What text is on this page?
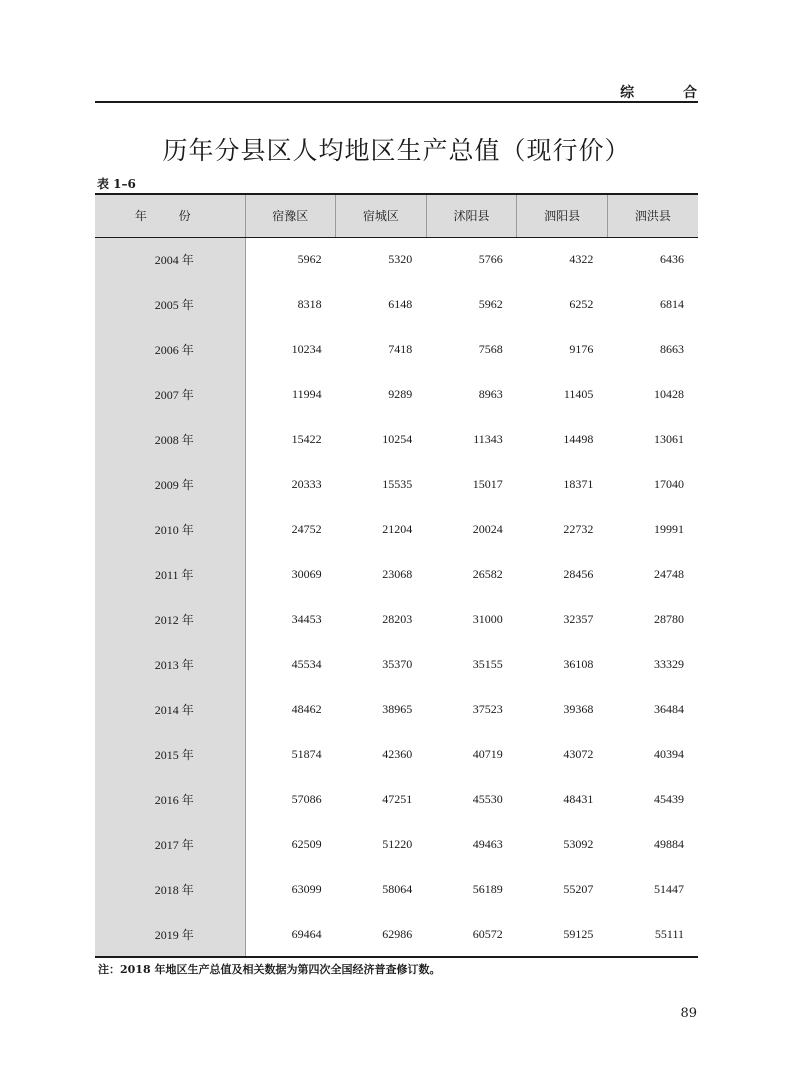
综 合
历年分县区人均地区生产总值（现行价）
表 1–6
年 份	宿豫区	宿城区	沭阳县	泗阳县	泗洪县
2004 年	5962	5320	5766	4322	6436
2005 年	8318	6148	5962	6252	6814
2006 年	10234	7418	7568	9176	8663
2007 年	11994	9289	8963	11405	10428
2008 年	15422	10254	11343	14498	13061
2009 年	20333	15535	15017	18371	17040
2010 年	24752	21204	20024	22732	19991
2011 年	30069	23068	26582	28456	24748
2012 年	34453	28203	31000	32357	28780
2013 年	45534	35370	35155	36108	33329
2014 年	48462	38965	37523	39368	36484
2015 年	51874	42360	40719	43072	40394
2016 年	57086	47251	45530	48431	45439
2017 年	62509	51220	49463	53092	49884
2018 年	63099	58064	56189	55207	51447
2019 年	69464	62986	60572	59125	55111
注：2018 年地区生产总值及相关数据为第四次全国经济普查修订数。
89
